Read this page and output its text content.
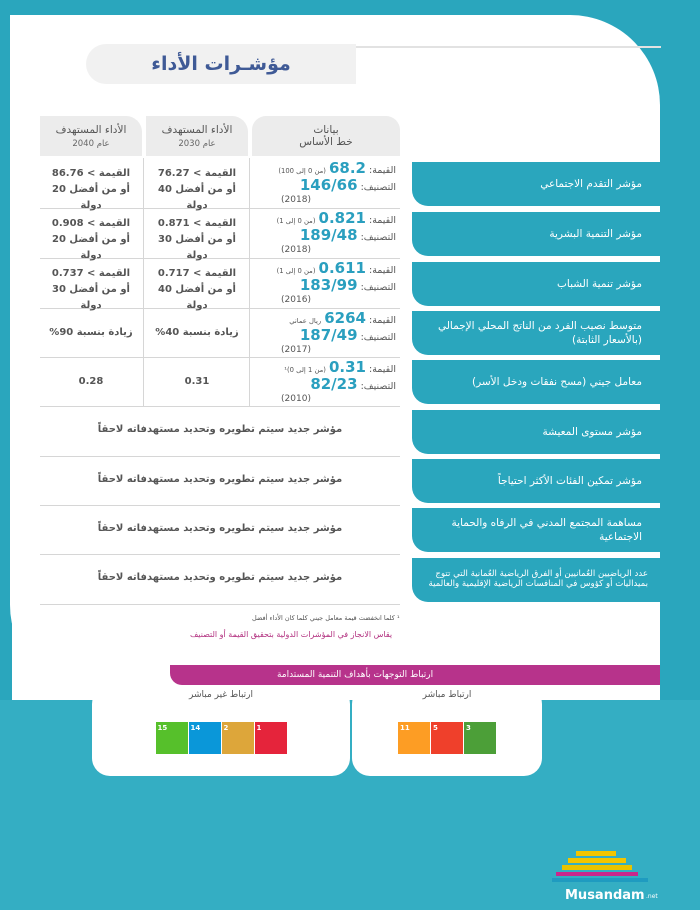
مؤشـرات الأداء
بيانات
خط الأساس
الأداء المستهدف
عام 2030
الأداء المستهدف
عام 2040
مؤشر التقدم الاجتماعي
القيمة: 68.2 (من 0 إلى 100)
التصنيف: 146/66
(2018)
القيمة > 76.27
أو من أفضل 40 دولة
القيمة > 86.76
أو من أفضل 20 دولة
مؤشر التنمية البشرية
القيمة: 0.821 (من 0 إلى 1)
التصنيف: 189/48
(2018)
القيمة > 0.871
أو من أفضل 30 دولة
القيمة > 0.908
أو من أفضل 20 دولة
مؤشر تنمية الشباب
القيمة: 0.611 (من 0 إلى 1)
التصنيف: 183/99
(2016)
القيمة > 0.717
أو من أفضل 40 دولة
القيمة > 0.737
أو من أفضل 30 دولة
متوسط نصيب الفرد من الناتج المحلي الإجمالي (بالأسعار الثابتة)
القيمة: 6264 ريال عماني
التصنيف: 187/49
(2017)
زيادة بنسبة 40%
زيادة بنسبة 90%
معامل جيني (مسح نفقات ودخل الأسر)
القيمة: 0.31 (من 1 إلى 0)¹
التصنيف: 82/23
(2010)
0.31
0.28
مؤشر مستوى المعيشة
مؤشر جديد سيتم تطويره وتحديد مستهدفاته لاحقاً
مؤشر تمكين الفئات الأكثر احتياجاً
مؤشر جديد سيتم تطويره وتحديد مستهدفاته لاحقاً
مساهمة المجتمع المدني في الرفاه والحماية الاجتماعية
مؤشر جديد سيتم تطويره وتحديد مستهدفاته لاحقاً
عدد الرياضيين العُمانيين أو الفرق الرياضية العُمانية التي تتوج بميداليات أو كؤوس في المنافسات الرياضية الإقليمية والعالمية
مؤشر جديد سيتم تطويره وتحديد مستهدفاته لاحقاً
¹ كلما انخفضت قيمة معامل جيني كلما كان الأداء أفضل
يقاس الانجاز في المؤشرات الدولية بتحقيق القيمة أو التصنيف
ارتباط التوجهات بأهداف التنمية المستدامة
ارتباط مباشر
3
5
11
ارتباط غير مباشر
1
2
14
15
Musandam .net
